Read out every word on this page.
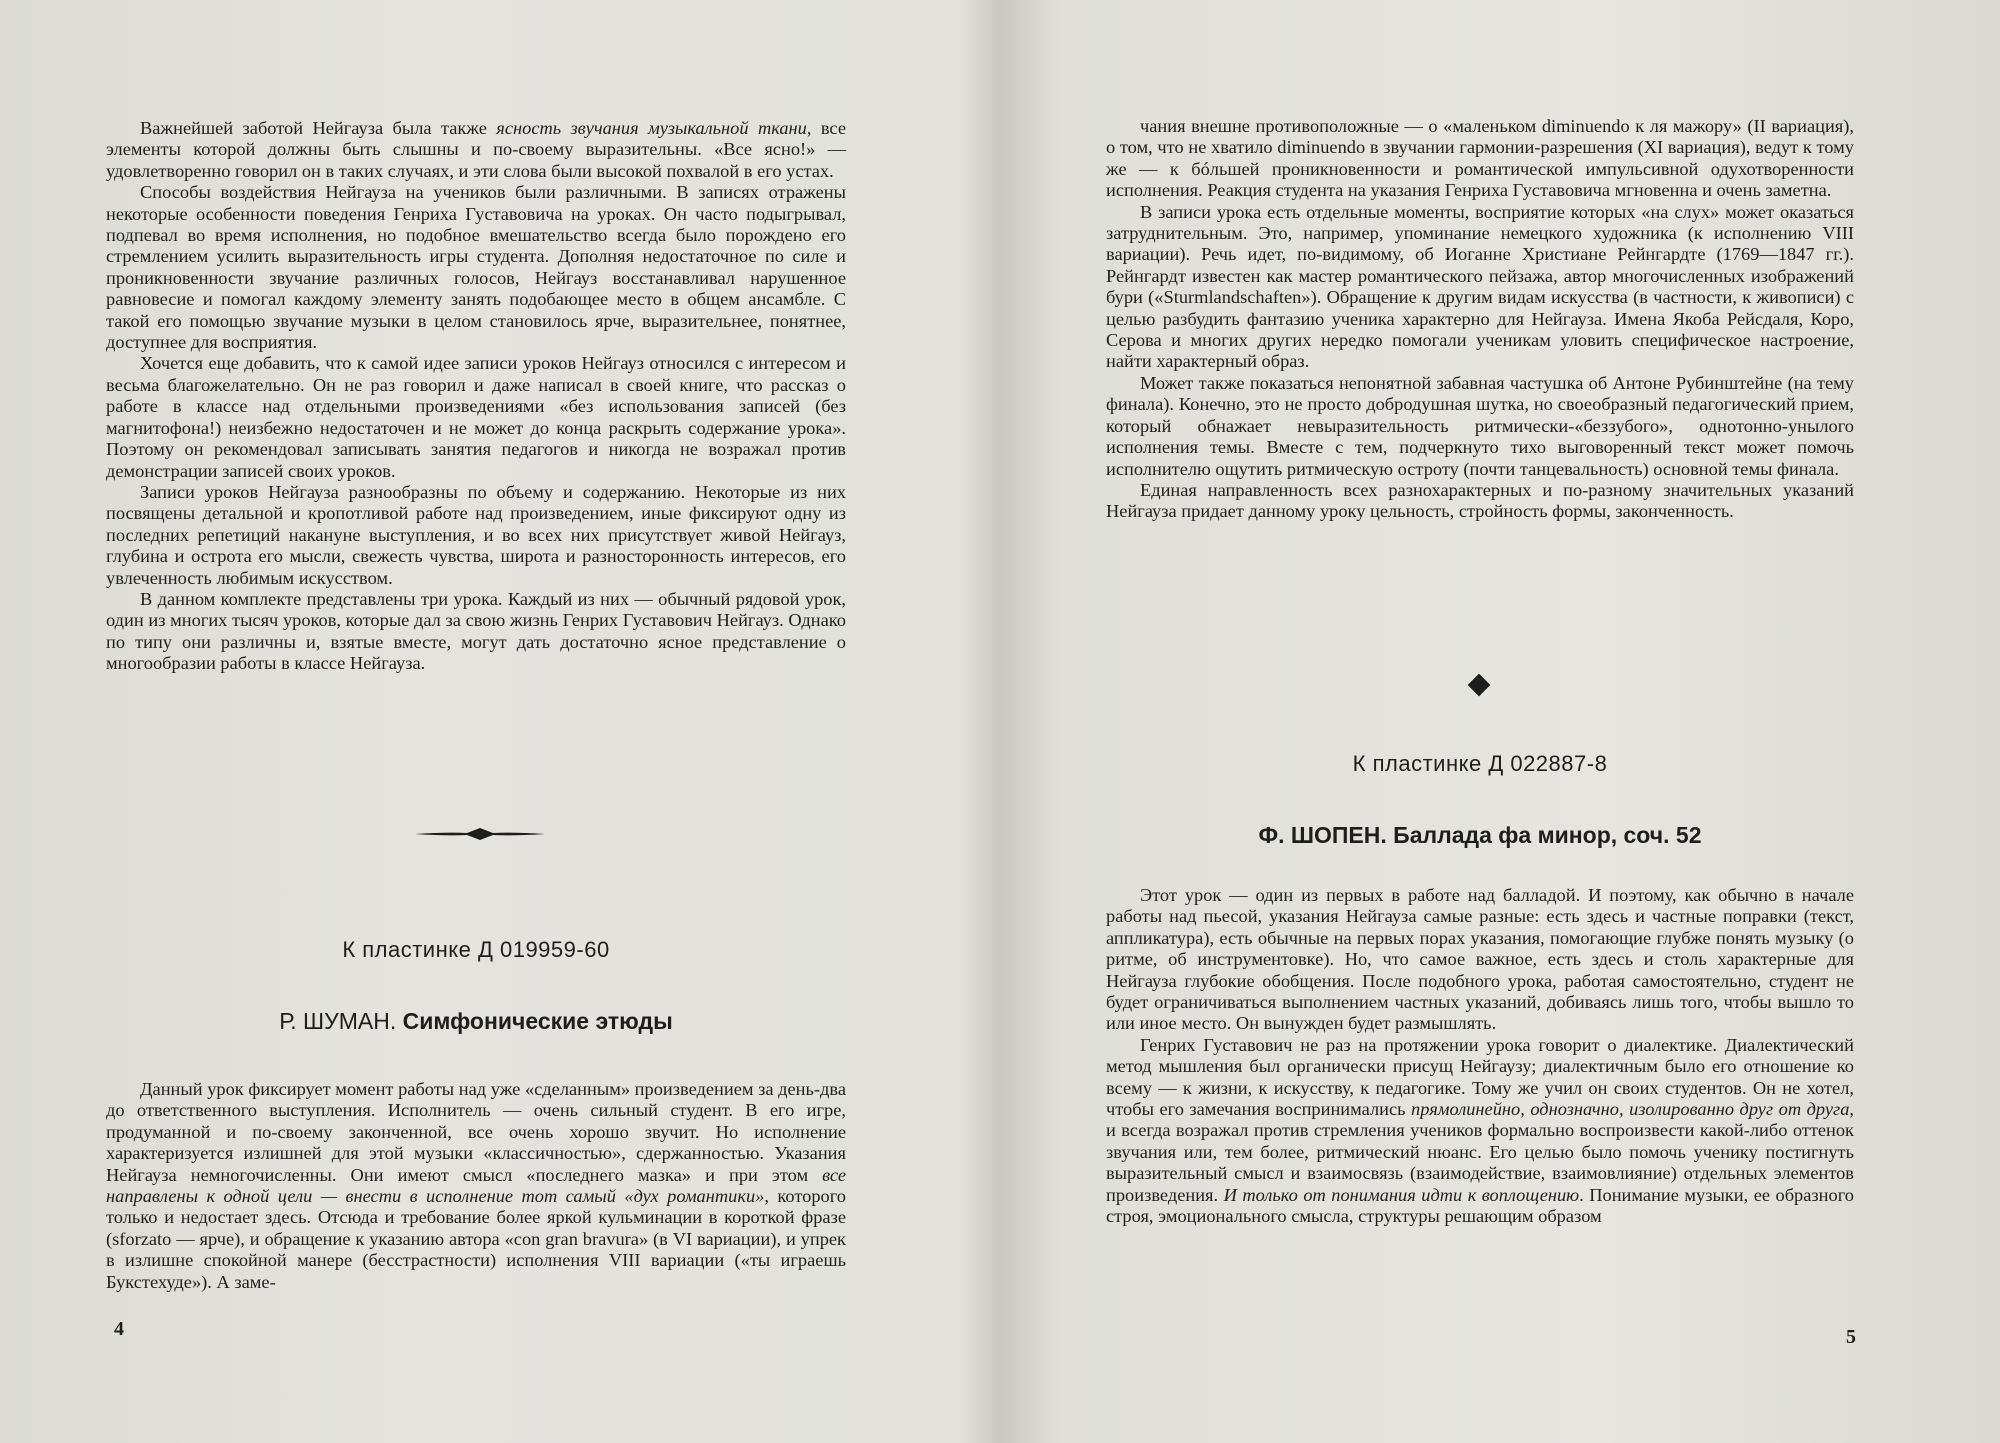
Важнейшей заботой Нейгауза была также ясность звучания музыкальной ткани, все элементы которой должны быть слышны и по-своему выразительны. «Все ясно!» — удовлетворенно говорил он в таких случаях, и эти слова были высокой похвалой в его устах.

Способы воздействия Нейгауза на учеников были различными. В записях отражены некоторые особенности поведения Генриха Густавовича на уроках. Он часто подыгрывал, подпевал во время исполнения, но подобное вмешательство всегда было порождено его стремлением усилить выразительность игры студента. Дополняя недостаточное по силе и проникновенности звучание различных голосов, Нейгауз восстанавливал нарушенное равновесие и помогал каждому элементу занять подобающее место в общем ансамбле. С такой его помощью звучание музыки в целом становилось ярче, выразительнее, понятнее, доступнее для восприятия.

Хочется еще добавить, что к самой идее записи уроков Нейгауз относился с интересом и весьма благожелательно. Он не раз говорил и даже написал в своей книге, что рассказ о работе в классе над отдельными произведениями «без использования записей (без магнитофона!) неизбежно недостаточен и не может до конца раскрыть содержание урока». Поэтому он рекомендовал записывать занятия педагогов и никогда не возражал против демонстрации записей своих уроков.

Записи уроков Нейгауза разнообразны по объему и содержанию. Некоторые из них посвящены детальной и кропотливой работе над произведением, иные фиксируют одну из последних репетиций накануне выступления, и во всех них присутствует живой Нейгауз, глубина и острота его мысли, свежесть чувства, широта и разносторонность интересов, его увлеченность любимым искусством.

В данном комплекте представлены три урока. Каждый из них — обычный рядовой урок, один из многих тысяч уроков, которые дал за свою жизнь Генрих Густавович Нейгауз. Однако по типу они различны и, взятые вместе, могут дать достаточно ясное представление о многообразии работы в классе Нейгауза.

К пластинке Д 019959-60
Р. ШУМАН. Симфонические этюды

Данный урок фиксирует момент работы над уже «сделанным» произведением за день-два до ответственного выступления. Исполнитель — очень сильный студент. В его игре, продуманной и по-своему законченной, все очень хорошо звучит. Но исполнение характеризуется излишней для этой музыки «классичностью», сдержанностью. Указания Нейгауза немногочисленны. Они имеют смысл «последнего мазка» и при этом все направлены к одной цели — внести в исполнение тот самый «дух романтики», которого только и недостает здесь. Отсюда и требование более яркой кульминации в короткой фразе (sforzato — ярче), и обращение к указанию автора «con gran bravura» (в VI вариации), и упрек в излишне спокойной манере (бесстрастности) исполнения VIII вариации («ты играешь Букстехуде»). А заме-

4

чания внешне противоположные — о «маленьком diminuendo к ля мажору» (II вариация), о том, что не хватило diminuendo в звучании гармонии-разрешения (XI вариация), ведут к тому же — к бóльшей проникновенности и романтической импульсивной одухотворенности исполнения. Реакция студента на указания Генриха Густавовича мгновенна и очень заметна.

В записи урока есть отдельные моменты, восприятие которых «на слух» может оказаться затруднительным. Это, например, упоминание немецкого художника (к исполнению VIII вариации). Речь идет, по-видимому, об Иоганне Христиане Рейнгардте (1769—1847 гг.). Рейнгардт известен как мастер романтического пейзажа, автор многочисленных изображений бури («Sturmlandschaften»). Обращение к другим видам искусства (в частности, к живописи) с целью разбудить фантазию ученика характерно для Нейгауза. Имена Якоба Рейсдаля, Коро, Серова и многих других нередко помогали ученикам уловить специфическое настроение, найти характерный образ.

Может также показаться непонятной забавная частушка об Антоне Рубинштейне (на тему финала). Конечно, это не просто добродушная шутка, но своеобразный педагогический прием, который обнажает невыразительность ритмически-«беззубого», однотонно-унылого исполнения темы. Вместе с тем, подчеркнуто тихо выговоренный текст может помочь исполнителю ощутить ритмическую остроту (почти танцевальность) основной темы финала.

Единая направленность всех разнохарактерных и по-разному значительных указаний Нейгауза придает данному уроку цельность, стройность формы, законченность.

К пластинке Д 022887-8
Ф. ШОПЕН. Баллада фа минор, соч. 52

Этот урок — один из первых в работе над балладой. И поэтому, как обычно в начале работы над пьесой, указания Нейгауза самые разные: есть здесь и частные поправки (текст, аппликатура), есть обычные на первых порах указания, помогающие глубже понять музыку (о ритме, об инструментовке). Но, что самое важное, есть здесь и столь характерные для Нейгауза глубокие обобщения. После подобного урока, работая самостоятельно, студент не будет ограничиваться выполнением частных указаний, добиваясь лишь того, чтобы вышло то или иное место. Он вынужден будет размышлять.

Генрих Густавович не раз на протяжении урока говорит о диалектике. Диалектический метод мышления был органически присущ Нейгаузу; диалектичным было его отношение ко всему — к жизни, к искусству, к педагогике. Тому же учил он своих студентов. Он не хотел, чтобы его замечания воспринимались прямолинейно, однозначно, изолированно друг от друга, и всегда возражал против стремления учеников формально воспроизвести какой-либо оттенок звучания или, тем более, ритмический нюанс. Его целью было помочь ученику постигнуть выразительный смысл и взаимосвязь (взаимодействие, взаимовлияние) отдельных элементов произведения. И только от понимания идти к воплощению. Понимание музыки, ее образного строя, эмоционального смысла, структуры решающим образом

5
